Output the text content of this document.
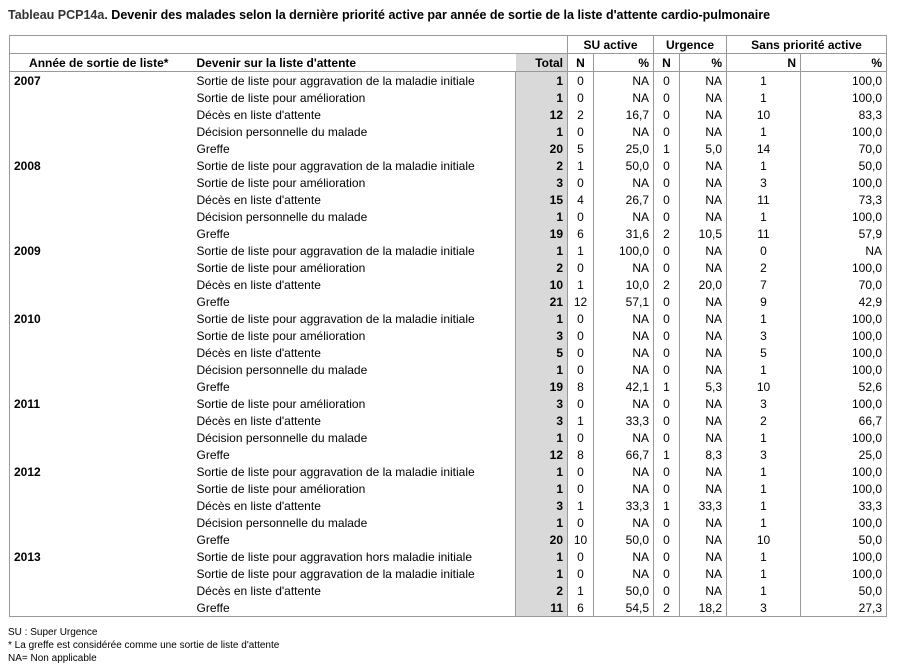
Tableau PCP14a. Devenir des malades selon la dernière priorité active par année de sortie de la liste d'attente cardio-pulmonaire
			SU active		Urgence		Sans priorité active	
Année de sortie de liste*	Devenir sur la liste d'attente	Total	N	%	N	%	N	%
2007	Sortie de liste pour aggravation de la maladie initiale	1	0	NA	0	NA	1	100,0
	Sortie de liste pour amélioration	1	0	NA	0	NA	1	100,0
	Décès en liste d'attente	12	2	16,7	0	NA	10	83,3
	Décision personnelle du malade	1	0	NA	0	NA	1	100,0
	Greffe	20	5	25,0	1	5,0	14	70,0
2008	Sortie de liste pour aggravation de la maladie initiale	2	1	50,0	0	NA	1	50,0
	Sortie de liste pour amélioration	3	0	NA	0	NA	3	100,0
	Décès en liste d'attente	15	4	26,7	0	NA	11	73,3
	Décision personnelle du malade	1	0	NA	0	NA	1	100,0
	Greffe	19	6	31,6	2	10,5	11	57,9
2009	Sortie de liste pour aggravation de la maladie initiale	1	1	100,0	0	NA	0	NA
	Sortie de liste pour amélioration	2	0	NA	0	NA	2	100,0
	Décès en liste d'attente	10	1	10,0	2	20,0	7	70,0
	Greffe	21	12	57,1	0	NA	9	42,9
2010	Sortie de liste pour aggravation de la maladie initiale	1	0	NA	0	NA	1	100,0
	Sortie de liste pour amélioration	3	0	NA	0	NA	3	100,0
	Décès en liste d'attente	5	0	NA	0	NA	5	100,0
	Décision personnelle du malade	1	0	NA	0	NA	1	100,0
	Greffe	19	8	42,1	1	5,3	10	52,6
2011	Sortie de liste pour amélioration	3	0	NA	0	NA	3	100,0
	Décès en liste d'attente	3	1	33,3	0	NA	2	66,7
	Décision personnelle du malade	1	0	NA	0	NA	1	100,0
	Greffe	12	8	66,7	1	8,3	3	25,0
2012	Sortie de liste pour aggravation de la maladie initiale	1	0	NA	0	NA	1	100,0
	Sortie de liste pour amélioration	1	0	NA	0	NA	1	100,0
	Décès en liste d'attente	3	1	33,3	1	33,3	1	33,3
	Décision personnelle du malade	1	0	NA	0	NA	1	100,0
	Greffe	20	10	50,0	0	NA	10	50,0
2013	Sortie de liste pour aggravation hors maladie initiale	1	0	NA	0	NA	1	100,0
	Sortie de liste pour aggravation de la maladie initiale	1	0	NA	0	NA	1	100,0
	Décès en liste d'attente	2	1	50,0	0	NA	1	50,0
	Greffe	11	6	54,5	2	18,2	3	27,3
SU : Super Urgence
* La greffe est considérée comme une sortie de liste d'attente
NA= Non applicable
